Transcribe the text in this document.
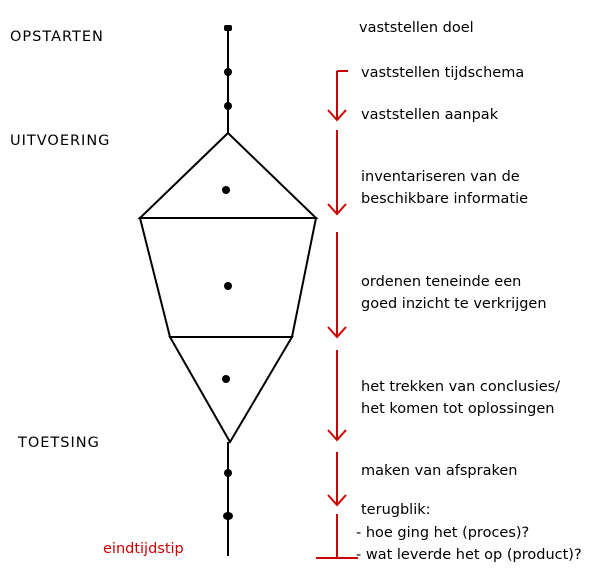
OPSTARTEN
UITVOERING
TOETSING
eindtijdstip
vaststellen doel
vaststellen tijdschema
vaststellen aanpak
inventariseren van de
beschikbare informatie
ordenen teneinde een
goed inzicht te verkrijgen
het trekken van conclusies/
het komen tot oplossingen
maken van afspraken
terugblik:
- hoe ging het (proces)?
- wat leverde het op (product)?
